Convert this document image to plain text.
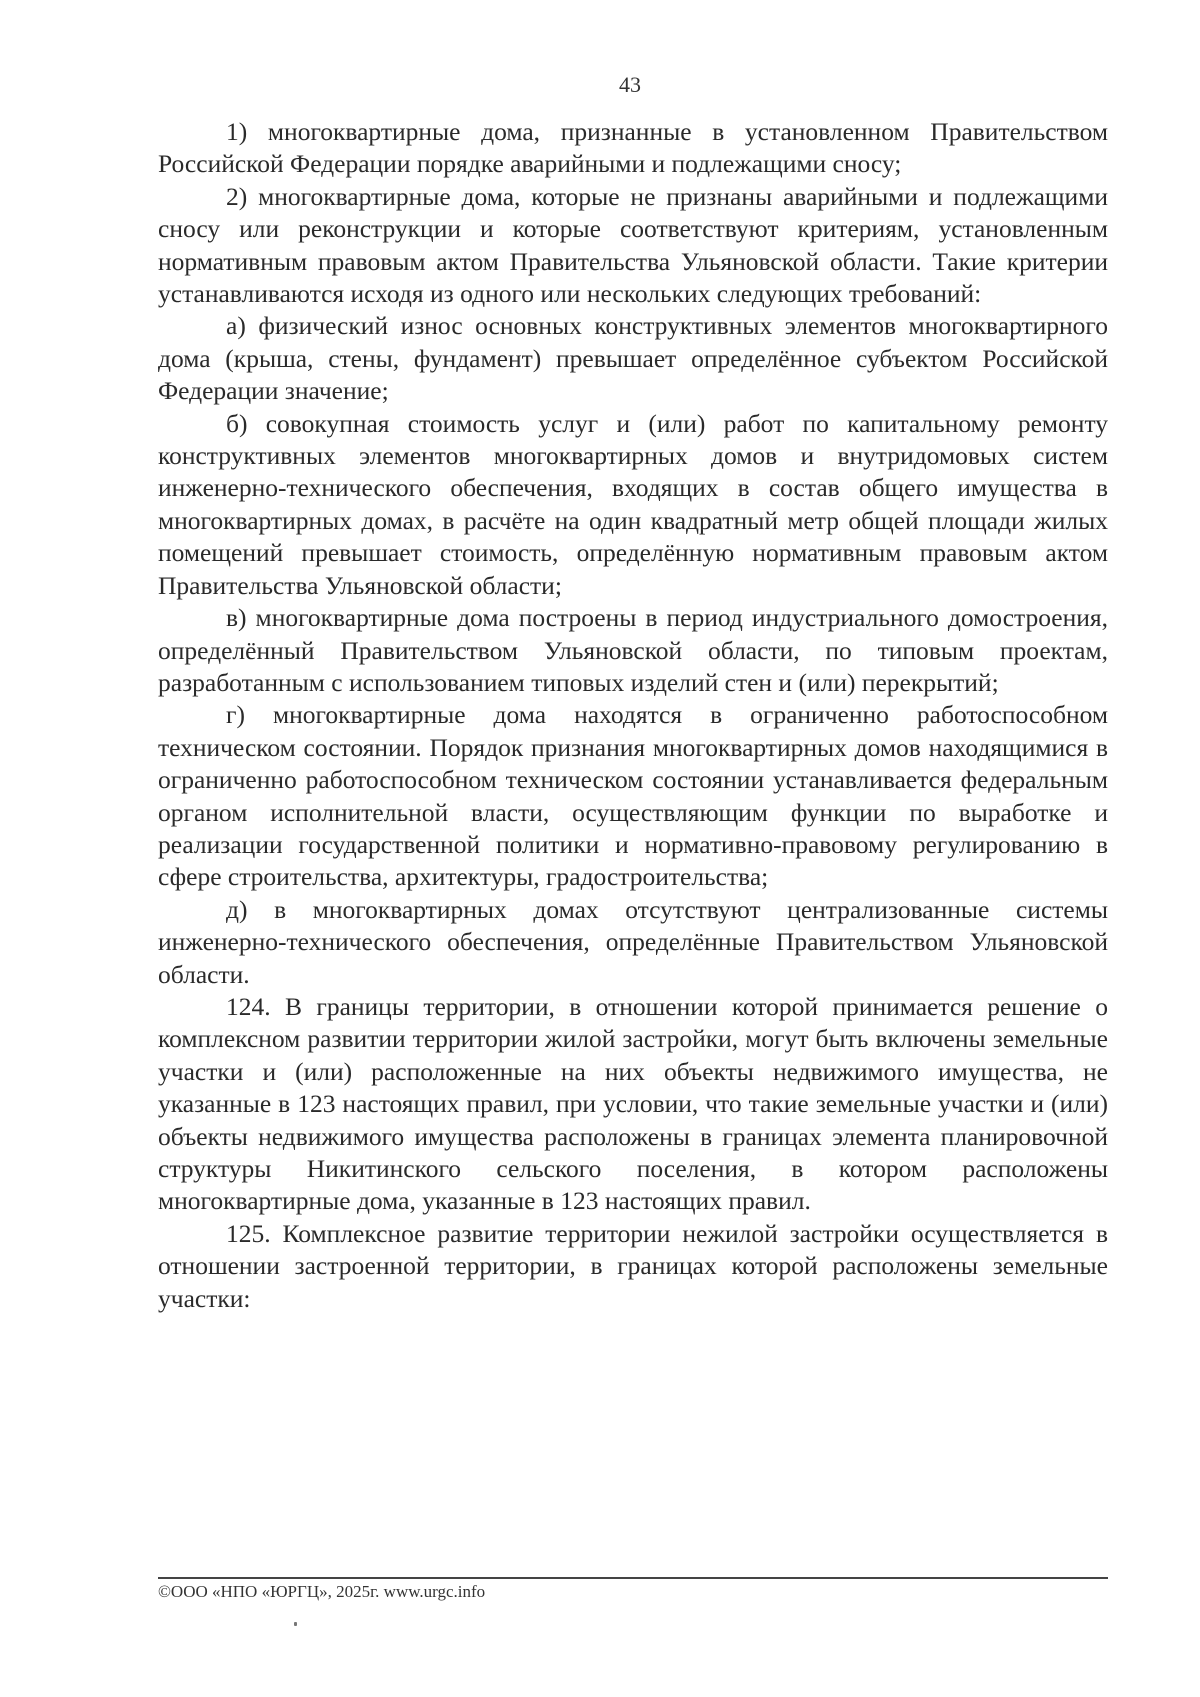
43

1) многоквартирные дома, признанные в установленном Правительством Российской Федерации порядке аварийными и подлежащими сносу;

2) многоквартирные дома, которые не признаны аварийными и подлежащими сносу или реконструкции и которые соответствуют критериям, установленным нормативным правовым актом Правительства Ульяновской области. Такие критерии устанавливаются исходя из одного или нескольких следующих требований:

а) физический износ основных конструктивных элементов многоквартирного дома (крыша, стены, фундамент) превышает определённое субъектом Российской Федерации значение;

б) совокупная стоимость услуг и (или) работ по капитальному ремонту конструктивных элементов многоквартирных домов и внутридомовых систем инженерно-технического обеспечения, входящих в состав общего имущества в многоквартирных домах, в расчёте на один квадратный метр общей площади жилых помещений превышает стоимость, определённую нормативным правовым актом Правительства Ульяновской области;

в) многоквартирные дома построены в период индустриального домостроения, определённый Правительством Ульяновской области, по типовым проектам, разработанным с использованием типовых изделий стен и (или) перекрытий;

г) многоквартирные дома находятся в ограниченно работоспособном техническом состоянии. Порядок признания многоквартирных домов находящимися в ограниченно работоспособном техническом состоянии устанавливается федеральным органом исполнительной власти, осуществляющим функции по выработке и реализации государственной политики и нормативно-правовому регулированию в сфере строительства, архитектуры, градостроительства;

д) в многоквартирных домах отсутствуют централизованные системы инженерно-технического обеспечения, определённые Правительством Ульяновской области.

124. В границы территории, в отношении которой принимается решение о комплексном развитии территории жилой застройки, могут быть включены земельные участки и (или) расположенные на них объекты недвижимого имущества, не указанные в 123 настоящих правил, при условии, что такие земельные участки и (или) объекты недвижимого имущества расположены в границах элемента планировочной структуры Никитинского сельского поселения, в котором расположены многоквартирные дома, указанные в 123 настоящих правил.

125. Комплексное развитие территории нежилой застройки осуществляется в отношении застроенной территории, в границах которой расположены земельные участки:

©ООО «НПО «ЮРГЦ», 2025г. www.urgc.info
